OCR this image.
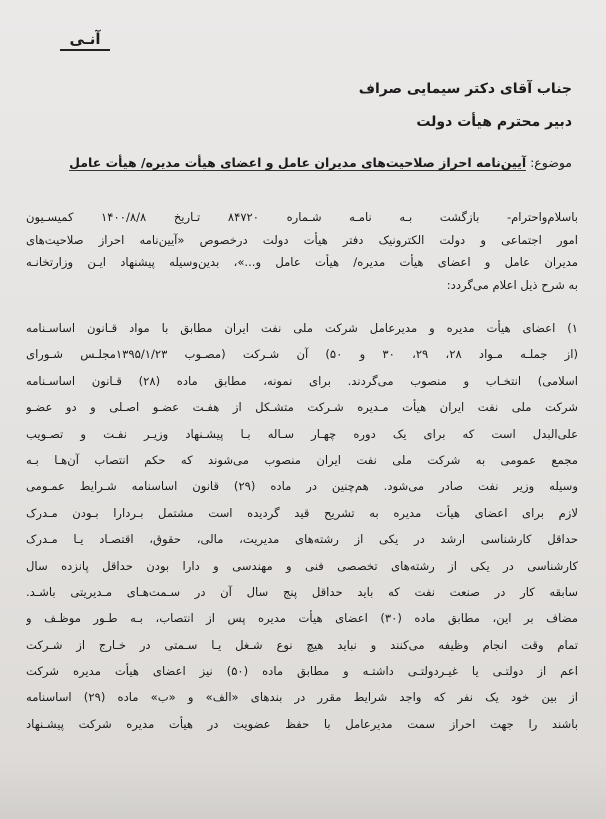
آنـی
جناب آقای دکتر سیمایی صراف
دبیر محترم هیأت دولت
موضوع: آیین‌نامه احراز صلاحیت‌های مدیران عامل و اعضای هیأت مدیره/ هیأت عامل
باسلام‌واحترام- بازگشت بـه نامـه شـماره ۸۴۷۲۰ تـاریخ ۱۴۰۰/۸/۸ کمیسـیون
امور اجتماعی و دولت الکترونیک دفتر هیأت دولت درخصوص «آیین‌نامه احراز صلاحیت‌های
مدیران عامل و اعضای هیأت مدیره/ هیأت عامل و...»، بدین‌وسیله پیشنهاد ایـن وزارتخانـه
به شرح ذیل اعلام می‌گردد:
۱) اعضای هیأت مدیره و مدیرعامل شرکت ملی نفت ایران مطابق با مواد قـانون اساسـنامه
(از جملـه مـواد ۲۸، ۲۹، ۳۰ و ۵۰) آن شـرکت (مصـوب ۱۳۹۵/۱/۲۳مجلـس شـورای
اسلامی) انتخـاب و منصوب می‌گردند. برای نمونه، مطابق ماده (۲۸) قـانون اساسـنامه
شرکت ملی نفت ایران هیأت مـدیره شـرکت متشـکل از هفـت عضـو اصـلی و دو عضـو
علی‌البدل است که برای یک دوره چهـار سـاله بـا پیشـنهاد وزیـر نفـت و تصـویب
مجمع عمومی به شرکت ملی نفت ایران منصوب می‌شوند که حکم انتصاب آن‌هـا بـه
وسیله وزیر نفت صادر می‌شود. هم‌چنین در ماده (۲۹) قانون اساسنامه شـرایط عمـومی
لازم برای اعضای هیأت مدیره به تشریح قید گردیده است مشتمل بـردارا بـودن مـدرک
حداقل کارشناسی ارشد در یکی از رشته‌های مدیریت، مالی، حقوق، اقتصـاد یـا مـدرک
کارشناسی در یکی از رشته‌های تخصصی فنی و مهندسی و دارا بودن حداقل پانزده سال
سابقه کار در صنعت نفت که باید حداقل پنج سال آن در سـمت‌هـای مـدیریتی باشـد.
مضاف بر این، مطابق ماده (۳۰) اعضای هیأت مدیره پس از انتصاب، بـه طـور موظـف و
تمام وقت انجام وظیفه می‌کنند و نباید هیچ نوع شـغل یـا سـمتی در خـارج از شـرکت
اعم از دولتـی یا غیـردولتـی داشتـه و مطابق ماده (۵۰) نیز اعضای هیأت مدیره شرکت
از بین خود یک نفر که واجد شرایط مقرر در بندهای «الف» و «ب» ماده (۲۹) اساسنامه
باشند را جهت احراز سمت مدیرعامل با حفظ عضویت در هیأت مدیره شرکت پیشـنهاد
